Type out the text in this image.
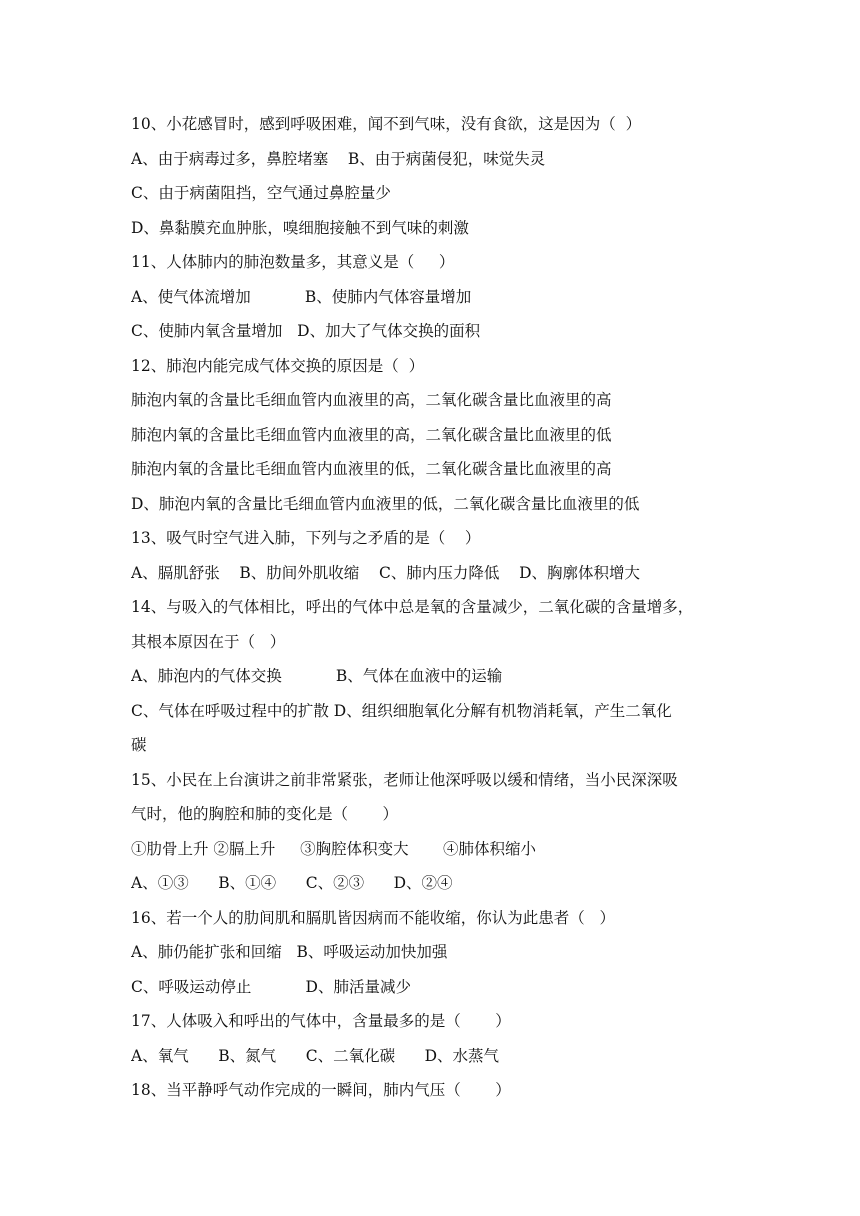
10、小花感冒时，感到呼吸困难，闻不到气味，没有食欲，这是因为（  ）
A、由于病毒过多，鼻腔堵塞    B、由于病菌侵犯，味觉失灵
C、由于病菌阻挡，空气通过鼻腔量少
D、鼻黏膜充血肿胀，嗅细胞接触不到气味的刺激
11、人体肺内的肺泡数量多，其意义是（     ）
A、使气体流增加           B、使肺内气体容量增加
C、使肺内氧含量增加   D、加大了气体交换的面积
12、肺泡内能完成气体交换的原因是（  ）
肺泡内氧的含量比毛细血管内血液里的高，二氧化碳含量比血液里的高
肺泡内氧的含量比毛细血管内血液里的高，二氧化碳含量比血液里的低
肺泡内氧的含量比毛细血管内血液里的低，二氧化碳含量比血液里的高
D、肺泡内氧的含量比毛细血管内血液里的低，二氧化碳含量比血液里的低
13、吸气时空气进入肺，下列与之矛盾的是（    ）
A、膈肌舒张    B、肋间外肌收缩    C、肺内压力降低    D、胸廓体积增大
14、与吸入的气体相比，呼出的气体中总是氧的含量减少，二氧化碳的含量增多，
其根本原因在于（   ）
A、肺泡内的气体交换           B、气体在血液中的运输
C、气体在呼吸过程中的扩散 D、组织细胞氧化分解有机物消耗氧，产生二氧化
碳
15、小民在上台演讲之前非常紧张，老师让他深呼吸以缓和情绪，当小民深深吸
气时，他的胸腔和肺的变化是（       ）
①肋骨上升 ②膈上升     ③胸腔体积变大       ④肺体积缩小
A、①③      B、①④      C、②③      D、②④
16、若一个人的肋间肌和膈肌皆因病而不能收缩，你认为此患者（   ）
A、肺仍能扩张和回缩   B、呼吸运动加快加强
C、呼吸运动停止           D、肺活量减少
17、人体吸入和呼出的气体中，含量最多的是（       ）
A、氧气      B、氮气      C、二氧化碳      D、水蒸气
18、当平静呼气动作完成的一瞬间，肺内气压（       ）
